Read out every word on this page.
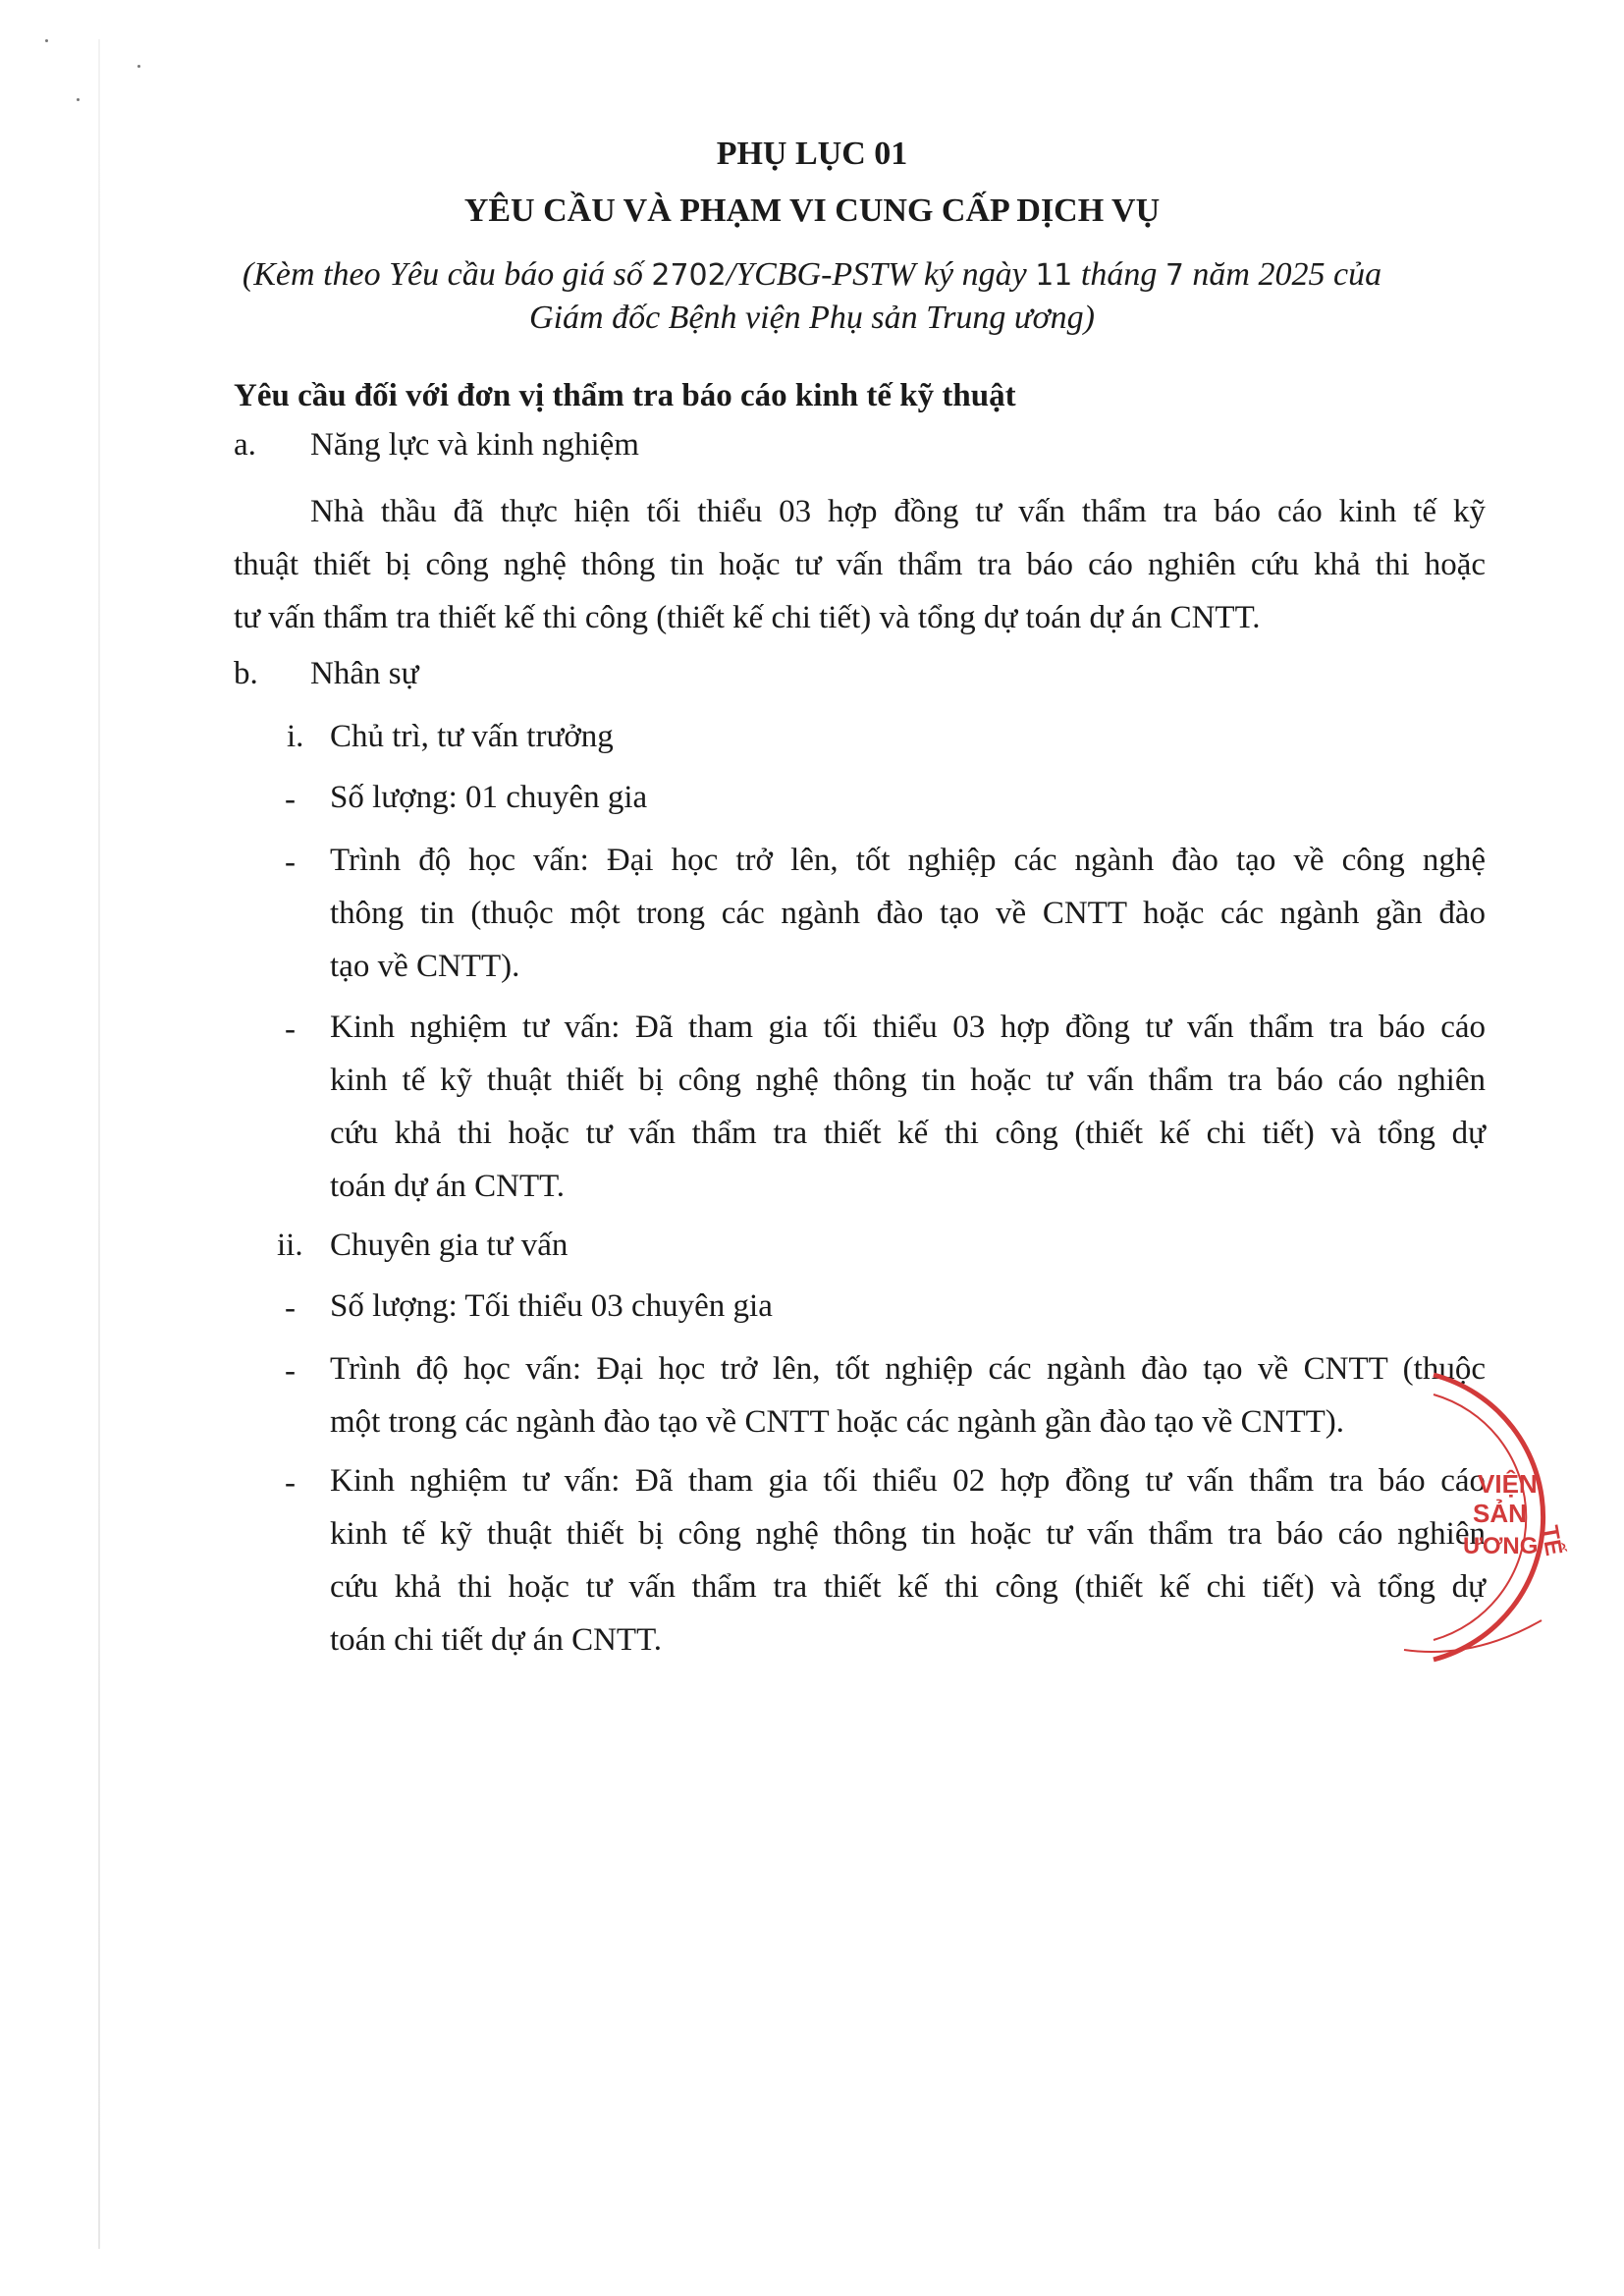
PHỤ LỤC 01
YÊU CẦU VÀ PHẠM VI CUNG CẤP DỊCH VỤ
(Kèm theo Yêu cầu báo giá số 2702/YCBG-PSTW ký ngày 11 tháng 7 năm 2025 của
Giám đốc Bệnh viện Phụ sản Trung ương)
Yêu cầu đối với đơn vị thẩm tra báo cáo kinh tế kỹ thuật
a. Năng lực và kinh nghiệm
Nhà thầu đã thực hiện tối thiểu 03 hợp đồng tư vấn thẩm tra báo cáo kinh tế kỹ
thuật thiết bị công nghệ thông tin hoặc tư vấn thẩm tra báo cáo nghiên cứu khả thi hoặc
tư vấn thẩm tra thiết kế thi công (thiết kế chi tiết) và tổng dự toán dự án CNTT.
b. Nhân sự
i. Chủ trì, tư vấn trưởng
- Số lượng: 01 chuyên gia
- Trình độ học vấn: Đại học trở lên, tốt nghiệp các ngành đào tạo về công nghệ
thông tin (thuộc một trong các ngành đào tạo về CNTT hoặc các ngành gần đào
tạo về CNTT).
- Kinh nghiệm tư vấn: Đã tham gia tối thiểu 03 hợp đồng tư vấn thẩm tra báo cáo
kinh tế kỹ thuật thiết bị công nghệ thông tin hoặc tư vấn thẩm tra báo cáo nghiên
cứu khả thi hoặc tư vấn thẩm tra thiết kế thi công (thiết kế chi tiết) và tổng dự
toán dự án CNTT.
ii. Chuyên gia tư vấn
- Số lượng: Tối thiểu 03 chuyên gia
- Trình độ học vấn: Đại học trở lên, tốt nghiệp các ngành đào tạo về CNTT (thuộc
một trong các ngành đào tạo về CNTT hoặc các ngành gần đào tạo về CNTT).
- Kinh nghiệm tư vấn: Đã tham gia tối thiểu 02 hợp đồng tư vấn thẩm tra báo cáo
kinh tế kỹ thuật thiết bị công nghệ thông tin hoặc tư vấn thẩm tra báo cáo nghiên
cứu khả thi hoặc tư vấn thẩm tra thiết kế thi công (thiết kế chi tiết) và tổng dự
toán chi tiết dự án CNTT.
VIỆN
SẢN
ƯƠNG
TẾ
